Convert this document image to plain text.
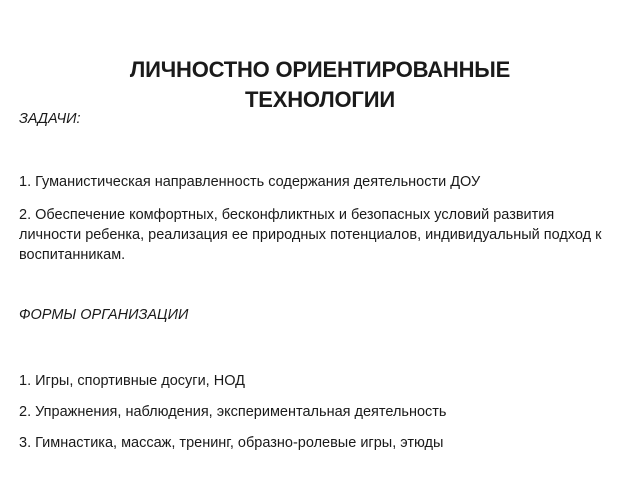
ЛИЧНОСТНО ОРИЕНТИРОВАННЫЕ
ТЕХНОЛОГИИ
ЗАДАЧИ:
1. Гуманистическая направленность содержания деятельности ДОУ
2. Обеспечение комфортных, бесконфликтных и безопасных условий развития личности ребенка, реализация ее природных потенциалов, индивидуальный подход к воспитанникам.
ФОРМЫ ОРГАНИЗАЦИИ
1. Игры, спортивные досуги, НОД
2. Упражнения, наблюдения, экспериментальная деятельность
3. Гимнастика, массаж, тренинг, образно-ролевые игры, этюды
